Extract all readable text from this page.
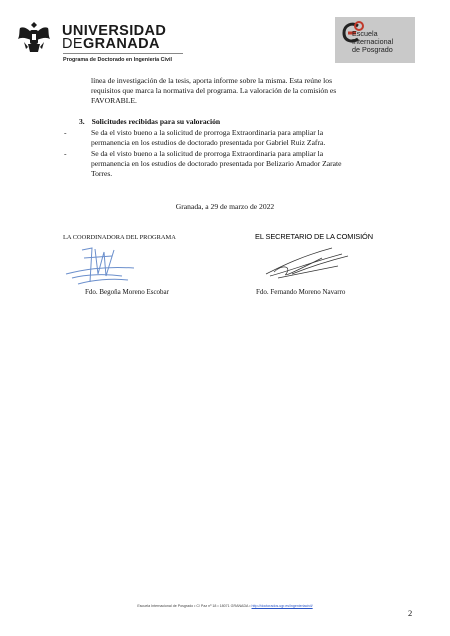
UNIVERSIDAD
DEGRANADA
Programa de Doctorado en Ingeniería Civil
Escuela
Internacional
de Posgrado
línea de investigación de la tesis, aporta informe sobre la misma. Esta reúne los
requisitos que marca la normativa del programa. La valoración de la comisión es
FAVORABLE.
3. Solicitudes recibidas para su valoración
-	Se da el visto bueno a la solicitud de prorroga Extraordinaria para ampliar la
permanencia en los estudios de doctorado presentada por Gabriel Ruiz Zafra.
-	Se da el visto bueno a la solicitud de prorroga Extraordinaria para ampliar la
permanencia en los estudios de doctorado presentada por Belizario Amador Zarate
Torres.
Granada, a 29 de marzo de 2022
LA COORDINADORA DEL PROGRAMA	EL SECRETARIO DE LA COMISIÓN
Fdo. Begoña Moreno Escobar	Fdo. Fernando Moreno Navarro
Escuela Internacional de Posgrado • C/ Paz nº 18 • 18071 GRANADA • http://doctorados.ugr.es/ingenieriacivil/
2
